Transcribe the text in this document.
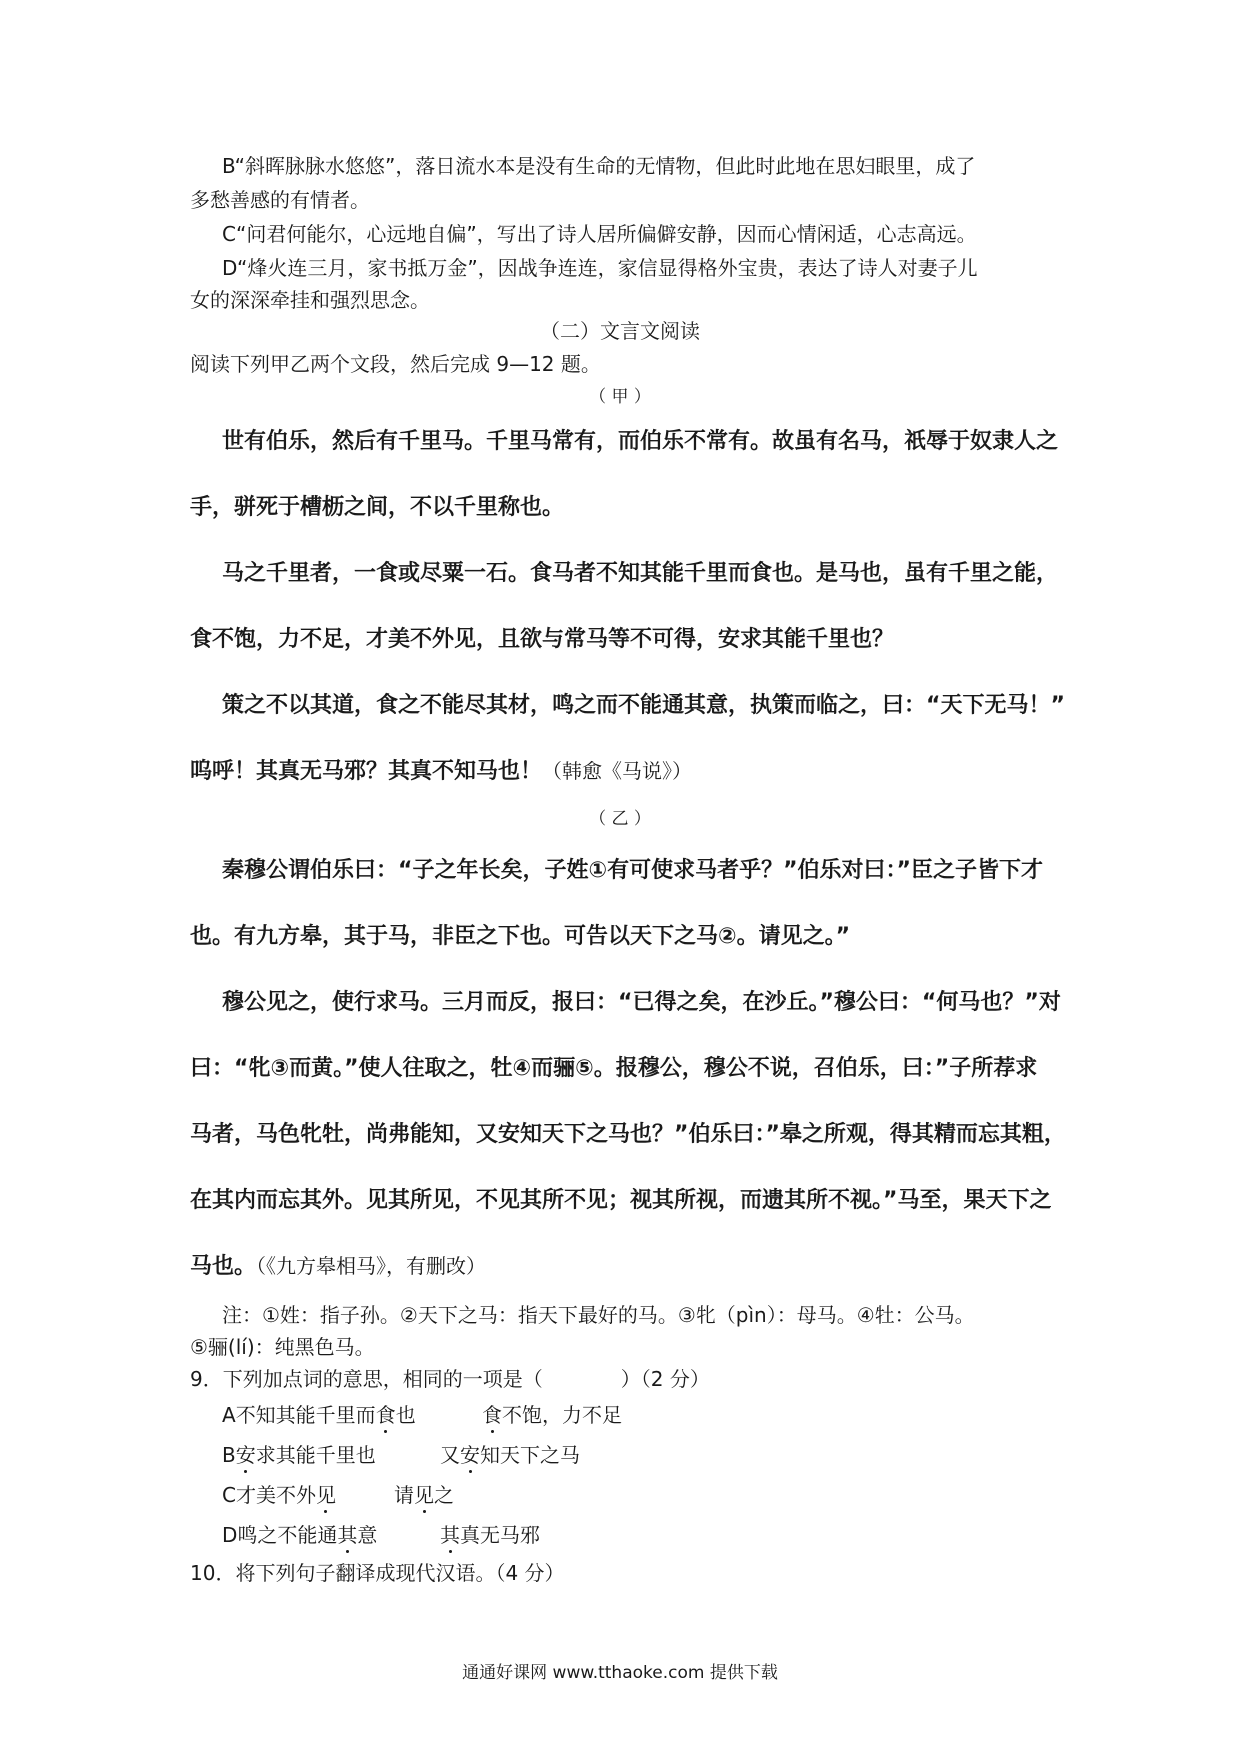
B“斜晖脉脉水悠悠”，落日流水本是没有生命的无情物，但此时此地在思妇眼里，成了
多愁善感的有情者。
C“问君何能尔，心远地自偏”，写出了诗人居所偏僻安静，因而心情闲适，心志高远。
D“烽火连三月，家书抵万金”，因战争连连，家信显得格外宝贵，表达了诗人对妻子儿
女的深深牵挂和强烈思念。
（二）文言文阅读
阅读下列甲乙两个文段，然后完成 9—12 题。
（ 甲 ）
世有伯乐，然后有千里马。千里马常有，而伯乐不常有。故虽有名马，祇辱于奴隶人之
手，骈死于槽枥之间，不以千里称也。
马之千里者，一食或尽粟一石。食马者不知其能千里而食也。是马也，虽有千里之能，
食不饱，力不足，才美不外见，且欲与常马等不可得，安求其能千里也？
策之不以其道，食之不能尽其材，鸣之而不能通其意，执策而临之，曰：“天下无马！”
呜呼！其真无马邪？其真不知马也！（韩愈《马说》）
（ 乙 ）
秦穆公谓伯乐曰：“子之年长矣，子姓①有可使求马者乎？”伯乐对曰：”臣之子皆下才
也。有九方皋，其于马，非臣之下也。可告以天下之马②。请见之。”
穆公见之，使行求马。三月而反，报曰：“已得之矣，在沙丘。”穆公曰：“何马也？”对
曰：“牝③而黄。”使人往取之，牡④而骊⑤。报穆公，穆公不说，召伯乐，曰：”子所荐求
马者，马色牝牡，尚弗能知，又安知天下之马也？”伯乐曰：”皋之所观，得其精而忘其粗，
在其内而忘其外。见其所见，不见其所不见；视其所视，而遗其所不视。”马至，果天下之
马也。（《九方皋相马》，有删改）
注：①姓：指子孙。②天下之马：指天下最好的马。③牝（pìn）：母马。④牡：公马。
⑤骊(lí)：纯黑色马。
9．下列加点词的意思，相同的一项是（	）（2 分）
A不知其能千里而食也	食不饱，力不足
B安求其能千里也	又安知天下之马
C才美不外见	请见之
D鸣之不能通其意	其真无马邪
10．将下列句子翻译成现代汉语。（4 分）
通通好课网 www.tthaoke.com 提供下载
